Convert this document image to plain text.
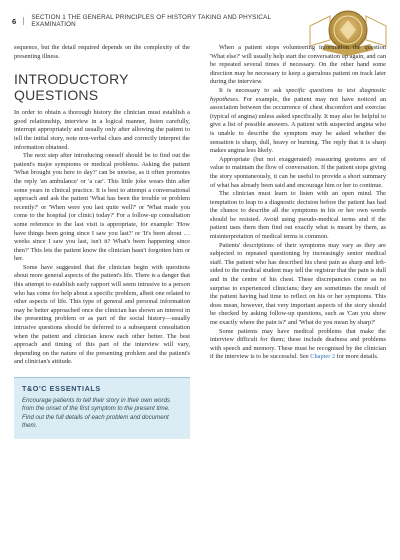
6 SECTION 1 THE GENERAL PRINCIPLES OF HISTORY TAKING AND PHYSICAL EXAMINATION

sequence, but the detail required depends on the complexity of the presenting illness.

INTRODUCTORY QUESTIONS

In order to obtain a thorough history the clinician must establish a good relationship, interview in a logical manner, listen carefully, interrupt appropriately and usually only after allowing the patient to tell the initial story, note non-verbal clues and correctly interpret the information obtained.

The next step after introducing oneself should be to find out the patient's major symptoms or medical problems. Asking the patient 'What brought you here to day?' can be unwise, as it often promotes the reply 'an ambulance' or 'a car'. This little joke wears thin after some years in clinical practice. It is best to attempt a conversational approach and ask the patient 'What has been the trouble or problem recently?' or 'When were you last quite well?' or 'What made you come to the hospital (or clinic) today?' For a follow-up consultation some reference to the last visit is appropriate, for example: 'How have things been going since I saw you last?' or 'It's been about … weeks since I saw you last, isn't it? What's been happening since then?' This lets the patient know the clinician hasn't forgotten him or her.

Some have suggested that the clinician begin with questions about more general aspects of the patient's life. There is a danger that this attempt to establish early rapport will seem intrusive to a person who has come for help about a specific problem, albeit one related to other aspects of life. This type of general and personal information may be better approached once the clinician has shown an interest in the presenting problem or as part of the social history—usually intrusive questions should be deferred to a subsequent consultation when the patient and clinician know each other better. The best approach and timing of this part of the interview will vary, depending on the nature of the presenting problem and the patient's and clinician's attitude.

T&O'C ESSENTIALS
Encourage patients to tell their story in their own words from the onset of the first symptom to the present time. Find out the full details of each problem and document them.

When a patient stops volunteering information the question 'What else?' will usually help start the conversation up again, and can be repeated several times if necessary. On the other hand some direction may be necessary to keep a garrulous patient on track later during the interview.

It is necessary to ask specific questions to test diagnostic hypotheses. For example, the patient may not have noticed an association between the occurrence of chest discomfort and exercise (typical of angina) unless asked specifically. It may also be helpful to give a list of possible answers. A patient with suspected angina who is unable to describe the symptom may be asked whether the sensation is sharp, dull, heavy or burning. The reply that it is sharp makes angina less likely.

Appropriate (but not exaggerated) reassuring gestures are of value to maintain the flow of conversation. If the patient stops giving the story spontaneously, it can be useful to provide a short summary of what has already been said and encourage him or her to continue.

The clinician must learn to listen with an open mind. The temptation to leap to a diagnostic decision before the patient has had the chance to describe all the symptoms in his or her own words should be resisted. Avoid using pseudo-medical terms and if the patient uses them then find out exactly what is meant by them, as misinterpretation of medical terms is common.

Patients' descriptions of their symptoms may vary as they are subjected to repeated questioning by increasingly senior medical staff. The patient who has described his chest pain as sharp and left-sided to the medical student may tell the registrar that the pain is dull and in the centre of his chest. These discrepancies come as no surprise to experienced clinicians; they are sometimes the result of the patient having had time to reflect on his or her symptoms. This does mean, however, that very important aspects of the story should be checked by asking follow-up questions, such as 'Can you show me exactly where the pain is?' and 'What do you mean by sharp?'

Some patients may have medical problems that make the interview difficult for them; these include deafness and problems with speech and memory. These must be recognised by the clinician if the interview is to be successful. See Chapter 2 for more details.
